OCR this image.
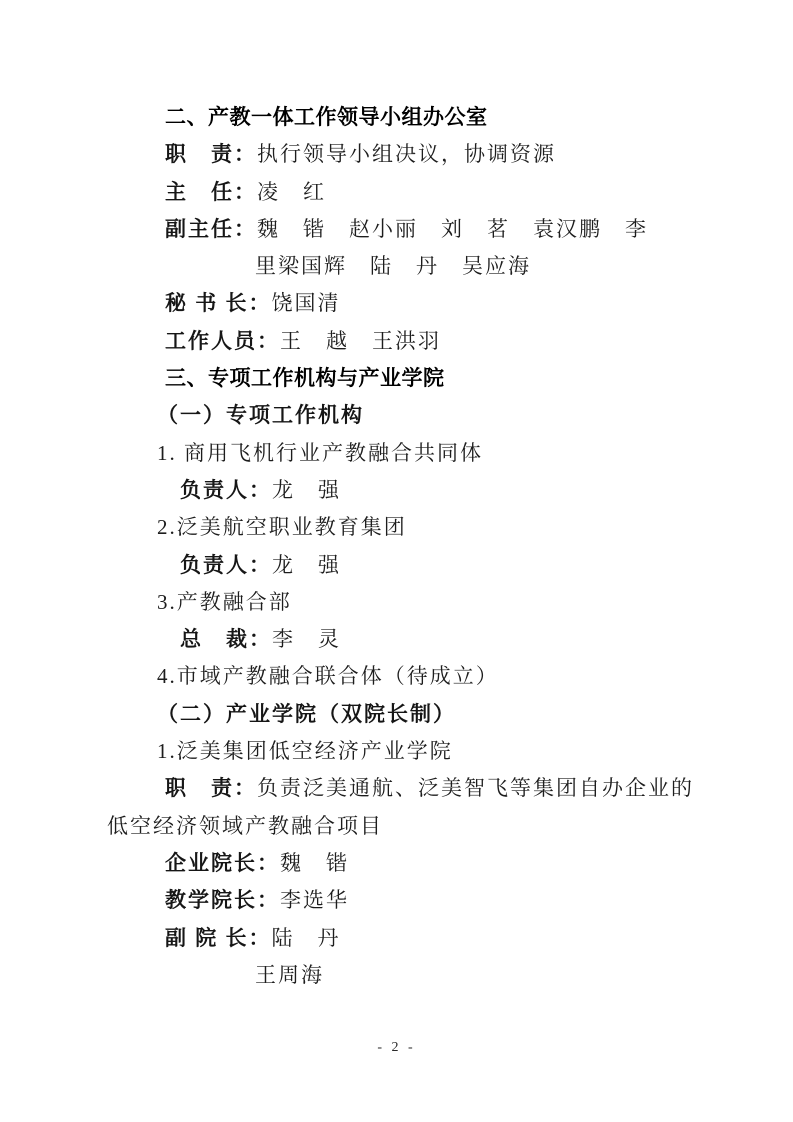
二、产教一体工作领导小组办公室

职　责：执行领导小组决议，协调资源

主　任：凌　红

副主任：魏　锴　赵小丽　刘　茗　袁汉鹏　李

里梁国辉　陆　丹　吴应海

秘 书 长：饶国清

工作人员：王　越　王洪羽

三、专项工作机构与产业学院

（一）专项工作机构

1. 商用飞机行业产教融合共同体

负责人：龙　强

2.泛美航空职业教育集团

负责人：龙　强

3.产教融合部

总　裁：李　灵

4.市域产教融合联合体（待成立）

（二）产业学院（双院长制）

1.泛美集团低空经济产业学院

职　责：负责泛美通航、泛美智飞等集团自办企业的

低空经济领域产教融合项目

企业院长：魏　锴

教学院长：李选华

副 院 长：陆　丹

王周海

- 2 -
